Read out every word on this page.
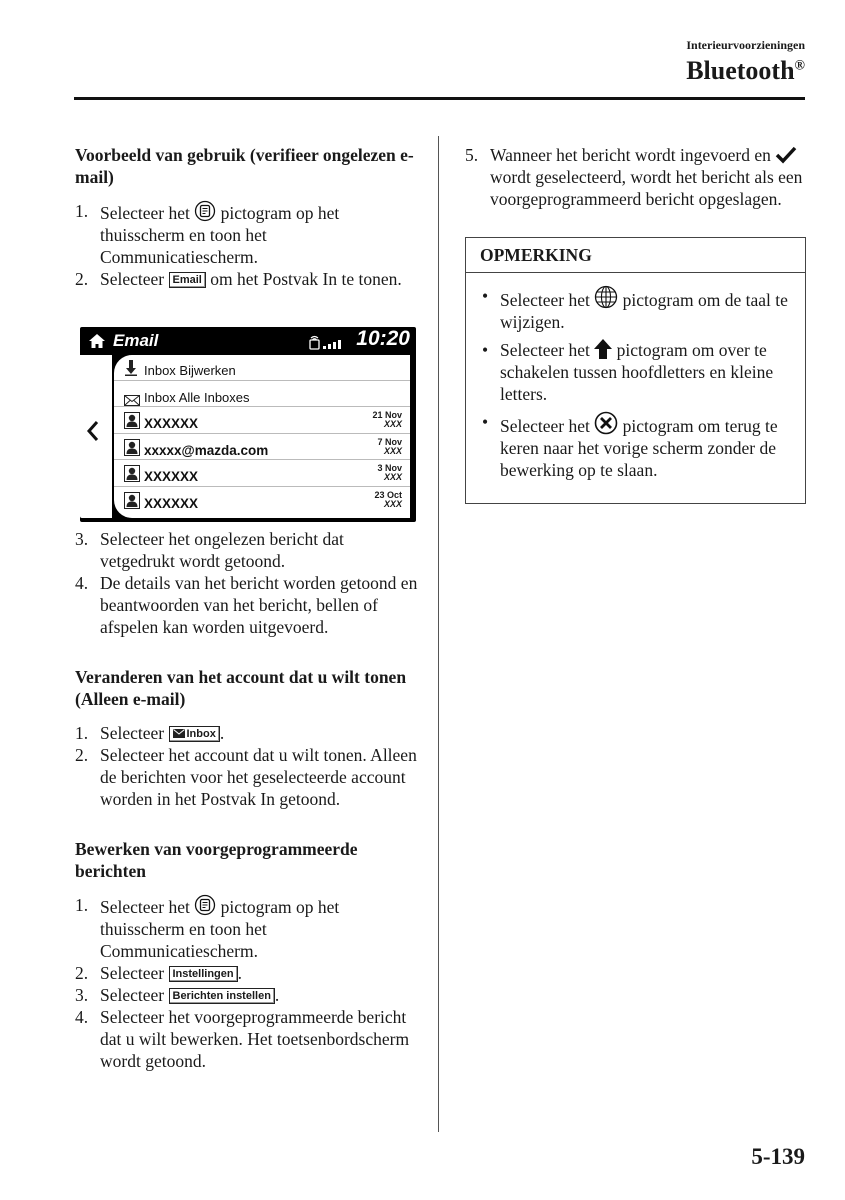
Interieurvoorzieningen
Bluetooth®
Voorbeeld van gebruik (verifieer ongelezen e-mail)
1. Selecteer het
pictogram op het thuisscherm en toon het Communicatiescherm.
2. Selecteer Email om het Postvak In te tonen.
Email	10:20
Inbox Bijwerken
Inbox Alle Inboxes
XXXXXX
21 Nov
XXX
xxxxx@mazda.com
7 Nov
XXX
XXXXXX
3 Nov
XXX
XXXXXX
23 Oct
XXX
3. Selecteer het ongelezen bericht dat vetgedrukt wordt getoond.
4. De details van het bericht worden getoond en beantwoorden van het bericht, bellen of afspelen kan worden uitgevoerd.
Veranderen van het account dat u wilt tonen (Alleen e-mail)
1. Selecteer Inbox .
2. Selecteer het account dat u wilt tonen. Alleen de berichten voor het geselecteerde account worden in het Postvak In getoond.
Bewerken van voorgeprogrammeerde berichten
1. Selecteer het
pictogram op het thuisscherm en toon het Communicatiescherm.
2. Selecteer Instellingen .
3. Selecteer Berichten instellen .
4. Selecteer het voorgeprogrammeerde bericht dat u wilt bewerken. Het toetsenbordscherm wordt getoond.
5. Wanneer het bericht wordt ingevoerd en
wordt geselecteerd, wordt het bericht als een voorgeprogrammeerd bericht opgeslagen.
OPMERKING
• Selecteer het
pictogram om de taal te wijzigen.
• Selecteer het
pictogram om over te schakelen tussen hoofdletters en kleine letters.
• Selecteer het
pictogram om terug te keren naar het vorige scherm zonder de bewerking op te slaan.
5-139
